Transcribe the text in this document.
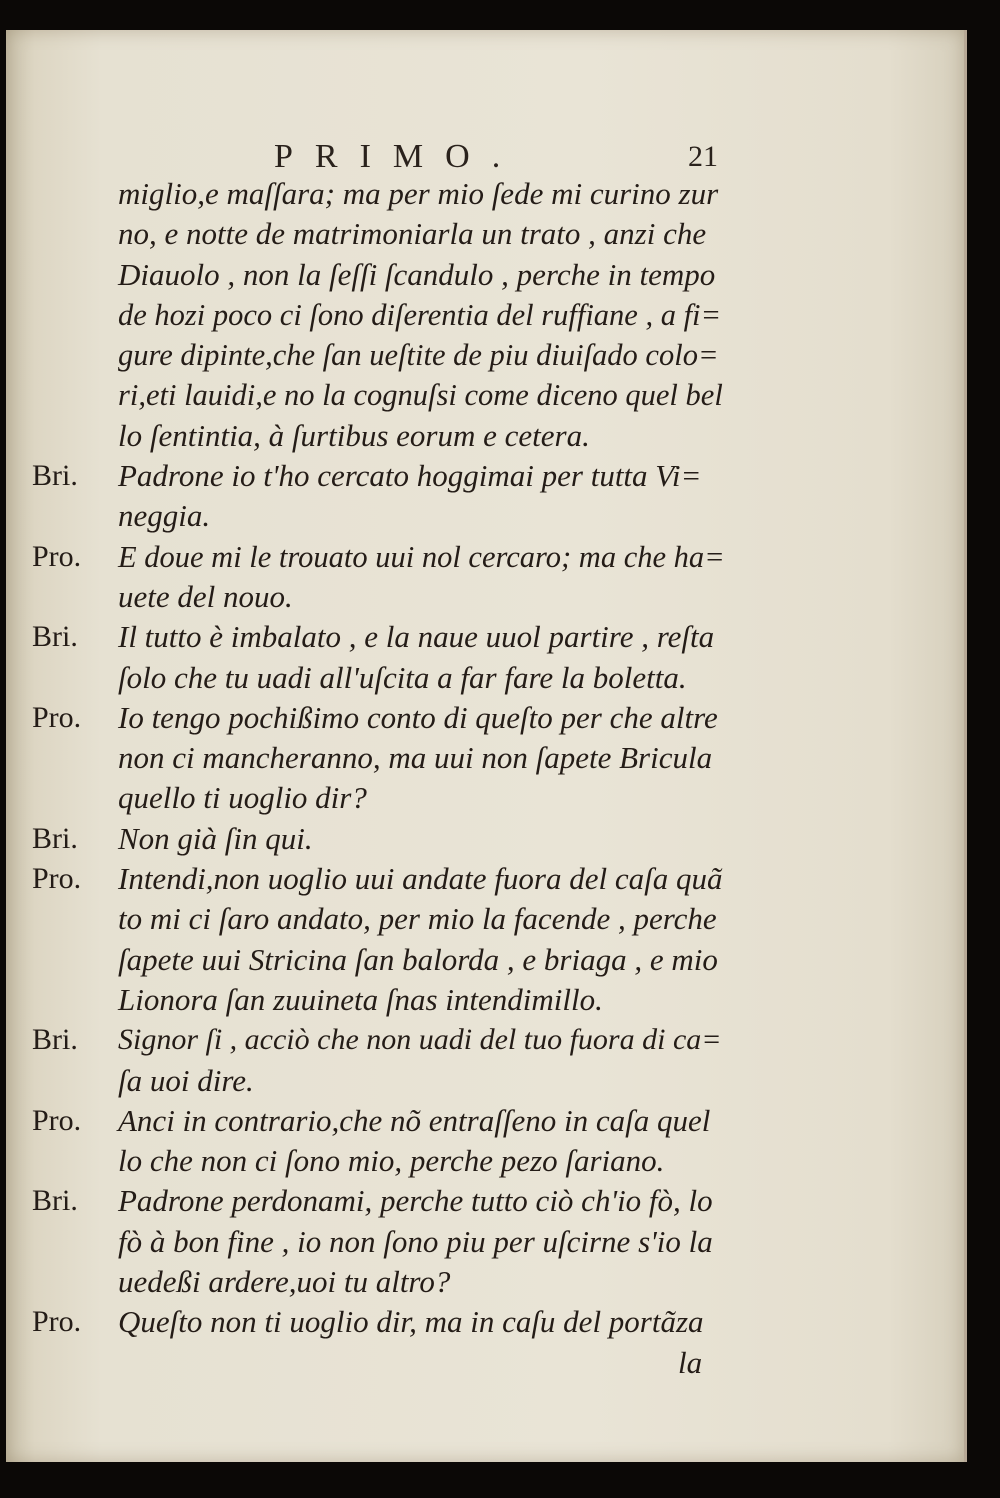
PRIMO.	21
miglio,e maſſara; ma per mio ſede mi curino zur
no, e notte de matrimoniarla un trato , anzi che
Diauolo , non la ſeſſi ſcandulo , perche in tempo
de hozi poco ci ſono diſerentia del ruffiane , a fi=
gure dipinte,che ſan ueſtite de piu diuiſado colo=
ri,eti lauidi,e no la cognuſsi come diceno quel bel
lo ſentintia, à ſurtibus eorum e cetera.
Bri. Padrone io t'ho cercato hoggimai per tutta Vi=
neggia.
Pro. E doue mi le trouato uui nol cercaro; ma che ha=
uete del nouo.
Bri. Il tutto è imbalato , e la naue uuol partire , reſta
ſolo che tu uadi all'uſcita a far fare la boletta.
Pro. Io tengo pochißimo conto di queſto per che altre
non ci mancheranno, ma uui non ſapete Bricula
quello ti uoglio dir?
Bri. Non già ſin qui.
Pro. Intendi,non uoglio uui andate fuora del caſa quã
to mi ci ſaro andato, per mio la facende , perche
ſapete uui Stricina ſan balorda , e briaga , e mio
Lionora ſan zuuineta ſnas intendimillo.
Bri. Signor ſi , acciò che non uadi del tuo fuora di ca=
ſa uoi dire.
Pro. Anci in contrario,che nõ entraſſeno in caſa quel
lo che non ci ſono mio, perche pezo ſariano.
Bri. Padrone perdonami, perche tutto ciò ch'io fò, lo
fò à bon fine , io non ſono piu per uſcirne s'io la
uedeßi ardere,uoi tu altro?
Pro. Queſto non ti uoglio dir, ma in caſu del portãza
la
